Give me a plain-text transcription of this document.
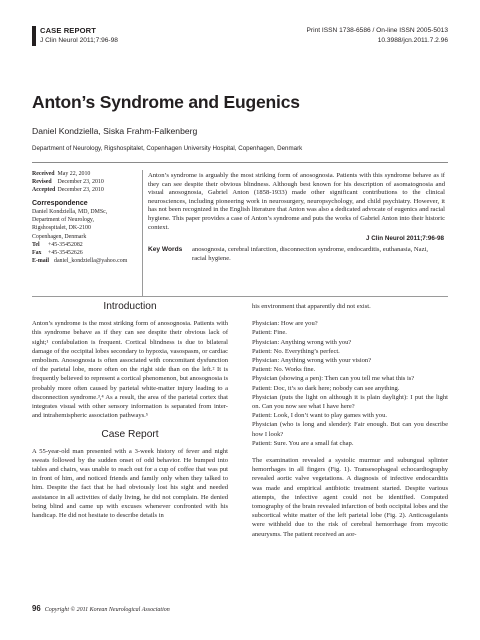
CASE REPORT
J Clin Neurol 2011;7:96-98
Print ISSN 1738-6586 / On-line ISSN 2005-5013
10.3988/jcn.2011.7.2.96
Anton’s Syndrome and Eugenics
Daniel Kondziella, Siska Frahm-Falkenberg
Department of Neurology, Rigshospitalet, Copenhagen University Hospital, Copenhagen, Denmark
Received
May 22, 2010
Revised
December 23, 2010
Accepted
December 23, 2010
Correspondence
Daniel Kondziella, MD, DMSc,
Department of Neurology,
Rigshospitalet, DK-2100
Copenhagen, Denmark
Tel	+45-35452082
Fax	+45-35452626
E-mail daniel_kondziella@yahoo.com
Anton’s syndrome is arguably the most striking form of anosognosia. Patients with this syndrome behave as if they can see despite their obvious blindness. Although best known for his description of asomatognosia and visual anosognosia, Gabriel Anton (1858-1933) made other significant contributions to the clinical neurosciences, including pioneering work in neurosurgery, neuropsychology, and child psychiatry. However, it has not been recognized in the English literature that Anton was also a dedicated advocate of eugenics and racial hygiene. This paper provides a case of Anton’s syndrome and puts the works of Gabriel Anton into their historic context.
J Clin Neurol 2011;7:96-98
Key Words anosognosia, cerebral infarction, disconnection syndrome, endocarditis, euthanasia, Nazi, racial hygiene.
Introduction

Anton’s syndrome is the most striking form of anosognosia. Patients with this syndrome behave as if they can see despite their obvious lack of sight;¹ confabulation is frequent. Cortical blindness is due to bilateral damage of the occipital lobes secondary to hypoxia, vasospasm, or cardiac embolism. Anosognosia is often associated with concomitant dysfunction of the parietal lobe, more often on the right side than on the left.² It is frequently believed to represent a cortical phenomenon, but anosognosia is probably more often caused by parietal white-matter injury leading to a disconnection syndrome.³,⁴ As a result, the area of the parietal cortex that integrates visual with other sensory information is separated from inter- and intrahemispheric association pathways.⁵

Case Report

A 55-year-old man presented with a 3-week history of fever and night sweats followed by the sudden onset of odd behavior. He bumped into tables and chairs, was unable to reach out for a cup of coffee that was put in front of him, and noticed friends and family only when they talked to him. Despite the fact that he had obviously lost his sight and needed assistance in all activities of daily living, he did not complain. He denied being blind and came up with excuses whenever confronted with his handicap. He did not hesitate to describe details in

his environment that apparently did not exist.

Physician: How are you?

Patient: Fine.

Physician: Anything wrong with you?

Patient: No. Everything’s perfect.

Physician: Anything wrong with your vision?

Patient: No. Works fine.

Physician (showing a pen): Then can you tell me what this is?

Patient: Doc, it’s so dark here; nobody can see anything.

Physician (puts the light on although it is plain daylight): I put the light on. Can you now see what I have here?

Patient: Look, I don’t want to play games with you.

Physician (who is long and slender): Fair enough. But can you describe how I look?

Patient: Sure. You are a small fat chap.

The examination revealed a systolic murmur and subungual splinter hemorrhages in all fingers (Fig. 1). Transesophageal echocardiography revealed aortic valve vegetations. A diagnosis of infective endocarditis was made and empirical antibiotic treatment started. Despite various attempts, the infective agent could not be identified. Computed tomography of the brain revealed infarction of both occipital lobes and the subcortical white matter of the left parietal lobe (Fig. 2). Anticoagulants were withheld due to the risk of cerebral hemorrhage from mycotic aneurysms. The patient received an aor-

96 Copyright © 2011 Korean Neurological Association
